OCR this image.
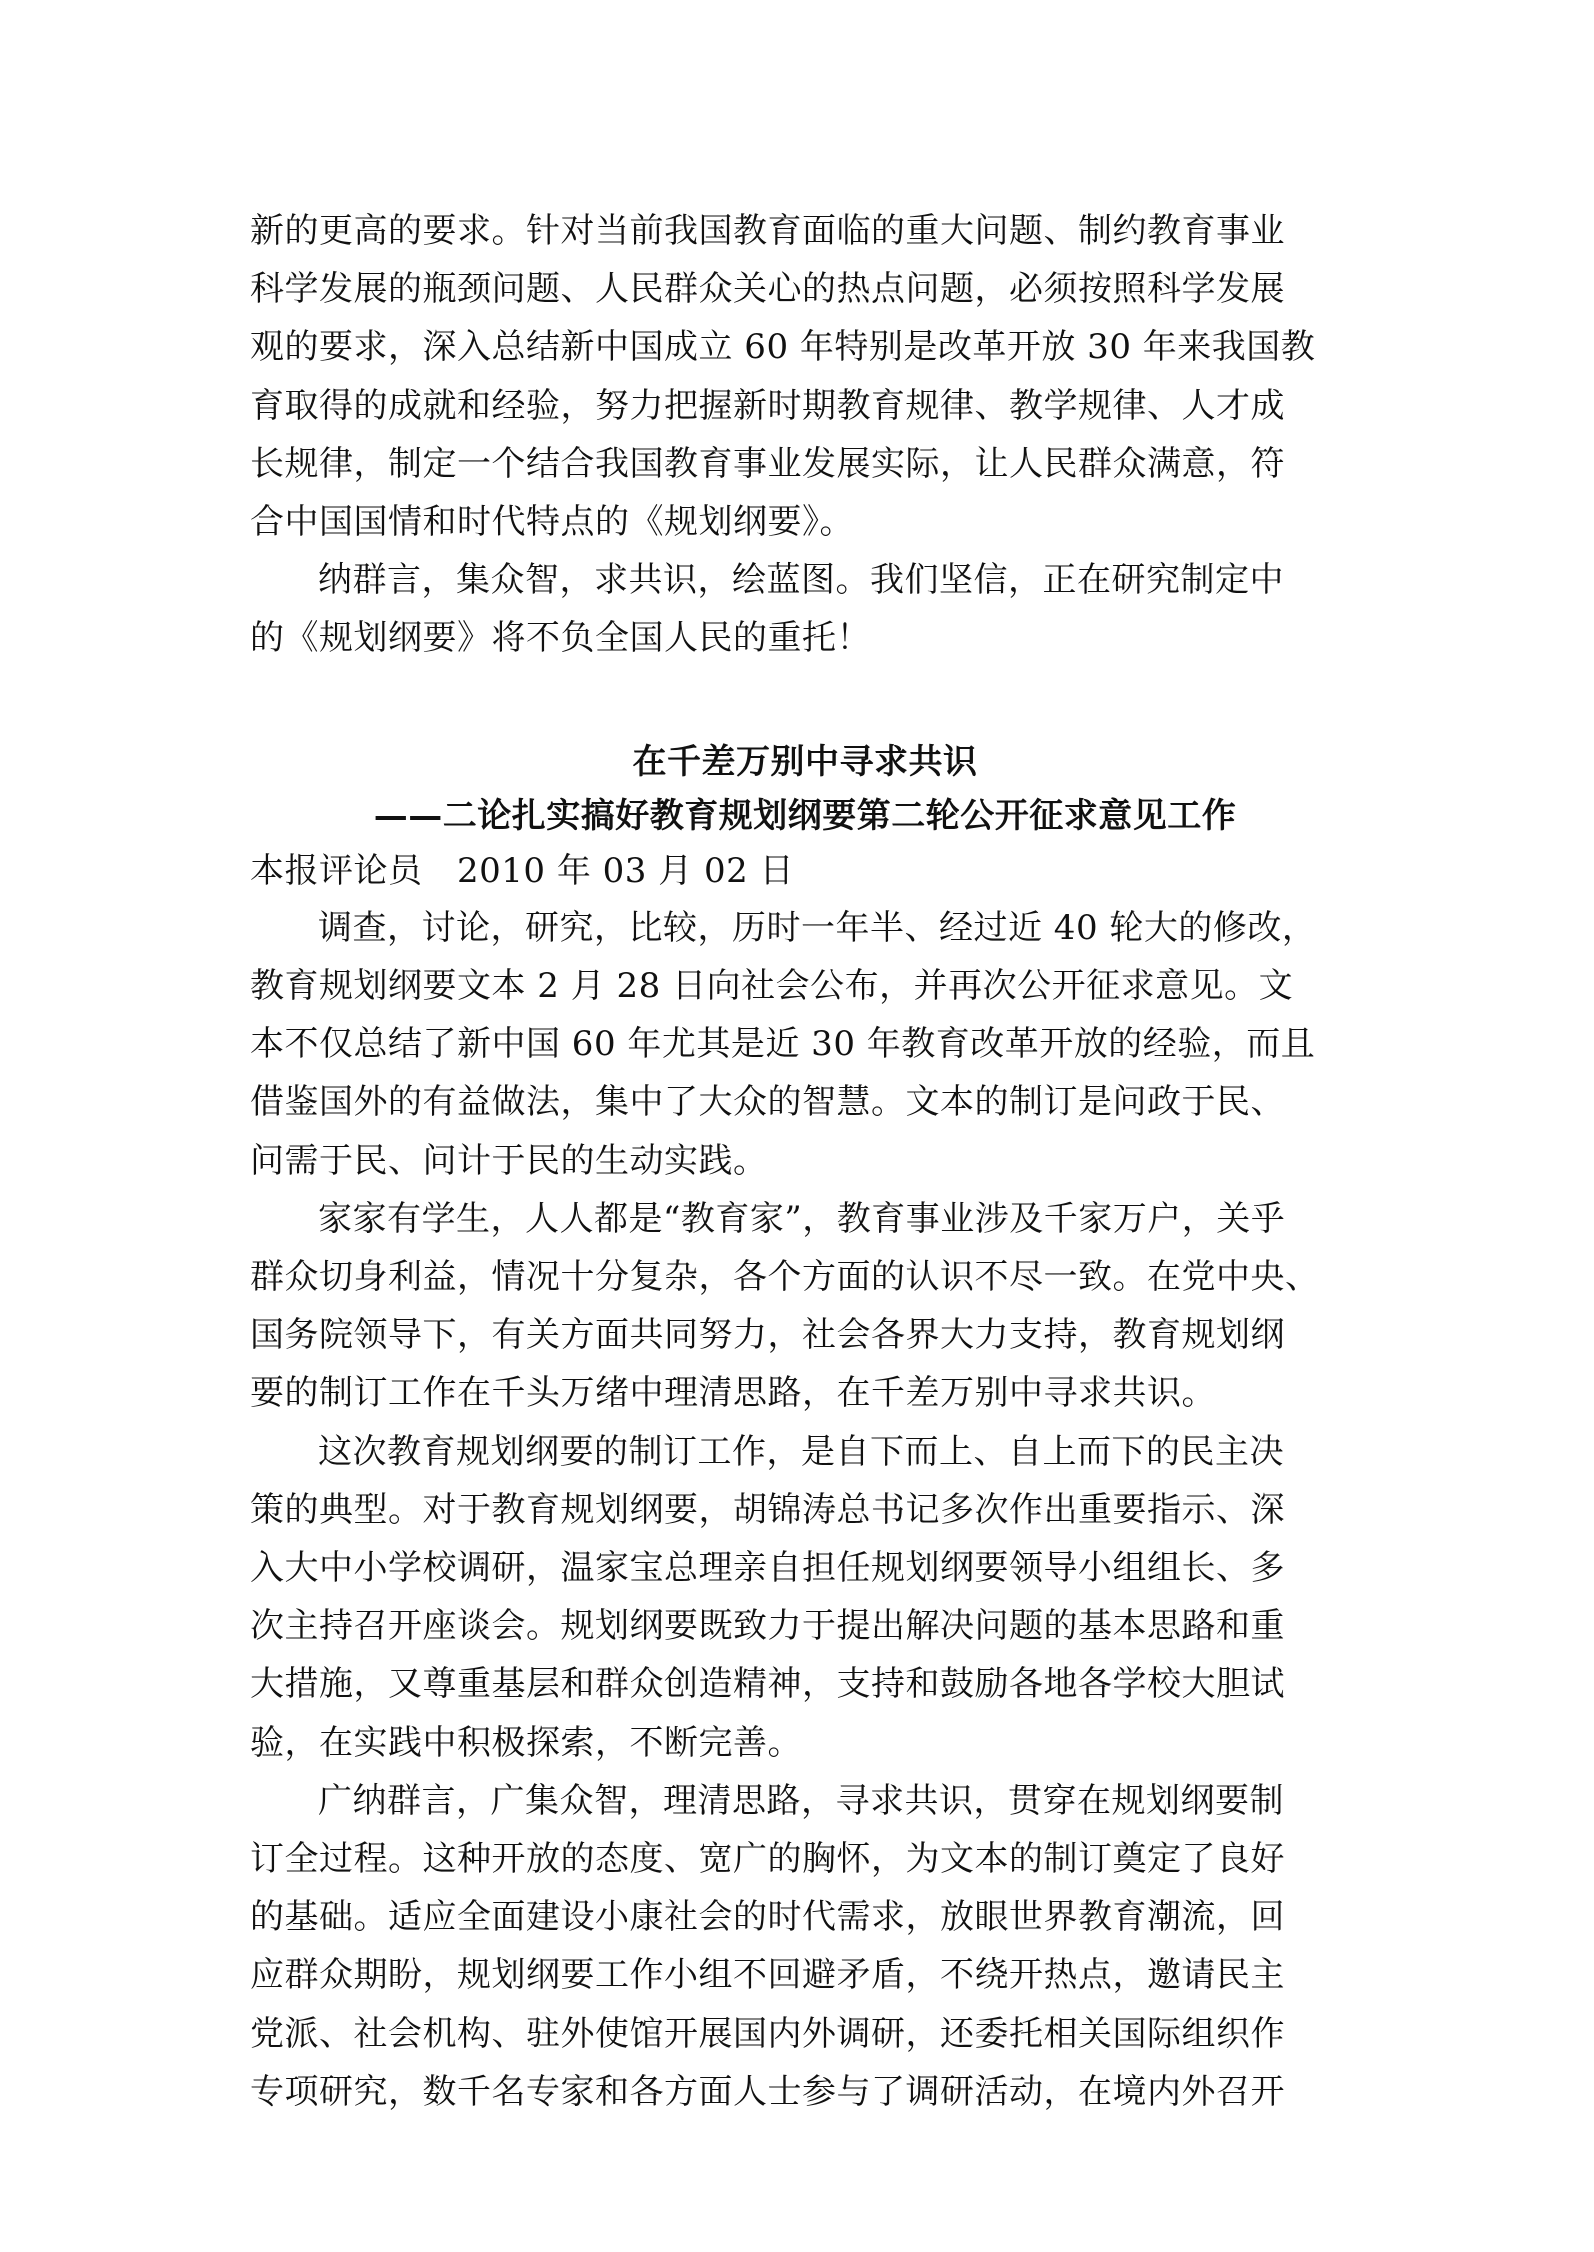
新的更高的要求。针对当前我国教育面临的重大问题、制约教育事业
科学发展的瓶颈问题、人民群众关心的热点问题，必须按照科学发展
观的要求，深入总结新中国成立 60 年特别是改革开放 30 年来我国教
育取得的成就和经验，努力把握新时期教育规律、教学规律、人才成
长规律，制定一个结合我国教育事业发展实际，让人民群众满意，符
合中国国情和时代特点的《规划纲要》。
纳群言，集众智，求共识，绘蓝图。我们坚信，正在研究制定中
的《规划纲要》将不负全国人民的重托！
在千差万别中寻求共识
——二论扎实搞好教育规划纲要第二轮公开征求意见工作
本报评论员　2010 年 03 月 02 日
调查，讨论，研究，比较，历时一年半、经过近 40 轮大的修改，
教育规划纲要文本 2 月 28 日向社会公布，并再次公开征求意见。文
本不仅总结了新中国 60 年尤其是近 30 年教育改革开放的经验，而且
借鉴国外的有益做法，集中了大众的智慧。文本的制订是问政于民、
问需于民、问计于民的生动实践。
家家有学生，人人都是“教育家”，教育事业涉及千家万户，关乎
群众切身利益，情况十分复杂，各个方面的认识不尽一致。在党中央、
国务院领导下，有关方面共同努力，社会各界大力支持，教育规划纲
要的制订工作在千头万绪中理清思路，在千差万别中寻求共识。
这次教育规划纲要的制订工作，是自下而上、自上而下的民主决
策的典型。对于教育规划纲要，胡锦涛总书记多次作出重要指示、深
入大中小学校调研，温家宝总理亲自担任规划纲要领导小组组长、多
次主持召开座谈会。规划纲要既致力于提出解决问题的基本思路和重
大措施，又尊重基层和群众创造精神，支持和鼓励各地各学校大胆试
验，在实践中积极探索，不断完善。
广纳群言，广集众智，理清思路，寻求共识，贯穿在规划纲要制
订全过程。这种开放的态度、宽广的胸怀，为文本的制订奠定了良好
的基础。适应全面建设小康社会的时代需求，放眼世界教育潮流，回
应群众期盼，规划纲要工作小组不回避矛盾，不绕开热点，邀请民主
党派、社会机构、驻外使馆开展国内外调研，还委托相关国际组织作
专项研究，数千名专家和各方面人士参与了调研活动，在境内外召开
